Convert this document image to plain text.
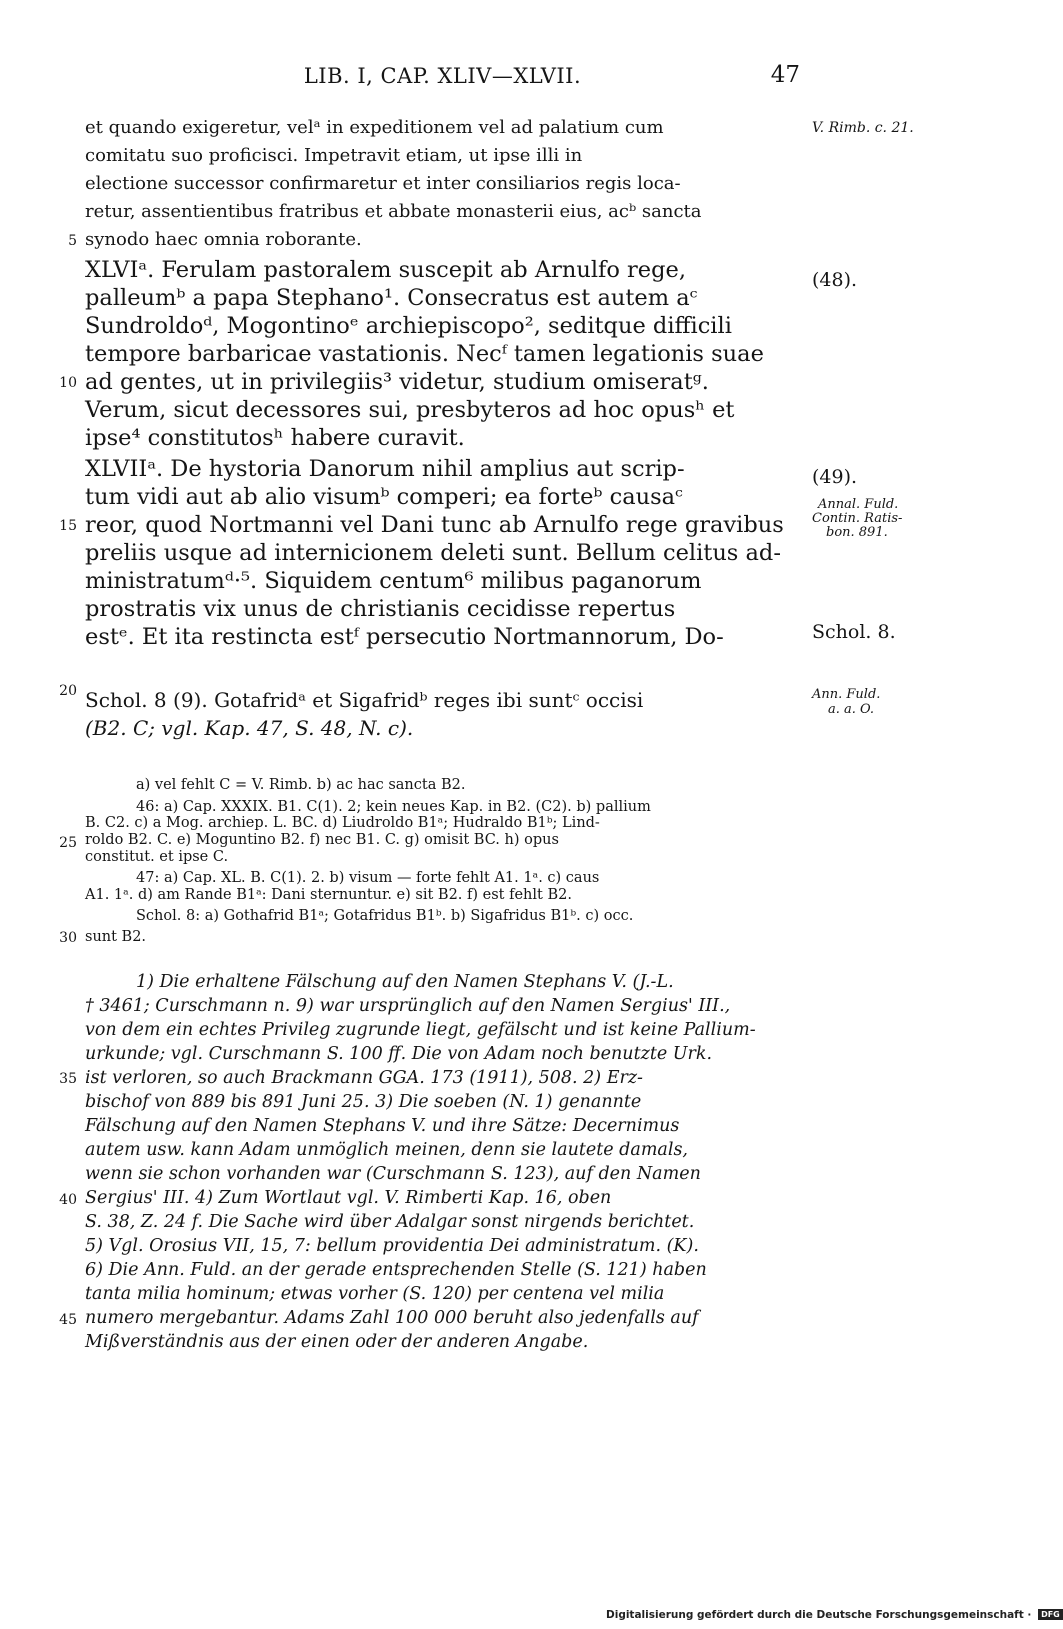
LIB. I, CAP. XLIV—XLVII.	47
et quando exigeretur, velᵃ in expeditionem vel ad palatium cum
comitatu suo proficisci. Impetravit etiam, ut ipse illi in
electione successor confirmaretur et inter consiliarios regis loca-
retur, assentientibus fratribus et abbate monasterii eius, acᵇ sancta
synodo haec omnia roborante.
XLVIᵃ. Ferulam pastoralem suscepit ab Arnulfo rege,
palleumᵇ a papa Stephano¹. Consecratus est autem aᶜ
Sundroldoᵈ, Mogontinoᵉ archiepiscopo², seditque difficili
tempore barbaricae vastationis. Necᶠ tamen legationis suae
ad gentes, ut in privilegiis³ videtur, studium omiseratᵍ.
Verum, sicut decessores sui, presbyteros ad hoc opusʰ et
ipse⁴ constitutosʰ habere curavit.
XLVIIᵃ. De hystoria Danorum nihil amplius aut scrip-
tum vidi aut ab alio visumᵇ comperi; ea forteᵇ causaᶜ
reor, quod Nortmanni vel Dani tunc ab Arnulfo rege gravibus
preliis usque ad internicionem deleti sunt. Bellum celitus ad-
ministratumᵈ·⁵. Siquidem centum⁶ milibus paganorum
prostratis vix unus de christianis cecidisse repertus
estᵉ. Et ita restincta estᶠ persecutio Nortmannorum, Do-
Schol. 8 (9). Gotafridᵃ et Sigafridᵇ reges ibi suntᶜ occisi
(B2. C; vgl. Kap. 47, S. 48, N. c).
a) vel fehlt C = V. Rimb. b) ac hac sancta B2.
46: a) Cap. XXXIX. B1. C(1). 2; kein neues Kap. in B2. (C2). b) pallium
B. C2. c) a Mog. archiep. L. BC. d) Liudroldo B1ᵃ; Hudraldo B1ᵇ; Lind-
roldo B2. C. e) Moguntino B2. f) nec B1. C. g) omisit BC. h) opus
constitut. et ipse C.
47: a) Cap. XL. B. C(1). 2. b) visum — forte fehlt A1. 1ᵃ. c) caus
A1. 1ᵃ. d) am Rande B1ᵃ: Dani sternuntur. e) sit B2. f) est fehlt B2.
Schol. 8: a) Gothafrid B1ᵃ; Gotafridus B1ᵇ. b) Sigafridus B1ᵇ. c) occ.
sunt B2.
1) Die erhaltene Fälschung auf den Namen Stephans V. (J.-L.
† 3461; Curschmann n. 9) war ursprünglich auf den Namen Sergius' III.,
von dem ein echtes Privileg zugrunde liegt, gefälscht und ist keine Pallium-
urkunde; vgl. Curschmann S. 100 ff. Die von Adam noch benutzte Urk.
ist verloren, so auch Brackmann GGA. 173 (1911), 508. 2) Erz-
bischof von 889 bis 891 Juni 25. 3) Die soeben (N. 1) genannte
Fälschung auf den Namen Stephans V. und ihre Sätze: Decernimus
autem usw. kann Adam unmöglich meinen, denn sie lautete damals,
wenn sie schon vorhanden war (Curschmann S. 123), auf den Namen
Sergius' III. 4) Zum Wortlaut vgl. V. Rimberti Kap. 16, oben
S. 38, Z. 24 f. Die Sache wird über Adalgar sonst nirgends berichtet.
5) Vgl. Orosius VII, 15, 7: bellum providentia Dei administratum. (K).
6) Die Ann. Fuld. an der gerade entsprechenden Stelle (S. 121) haben
tanta milia hominum; etwas vorher (S. 120) per centena vel milia
numero mergebantur. Adams Zahl 100 000 beruht also jedenfalls auf
Mißverständnis aus der einen oder der anderen Angabe.
5
10
15
20
25
30
35
40
45
V. Rimb. c. 21.
(48).
(49).
Annal. Fuld.
Contin. Ratis-
bon. 891.
Schol. 8.
Ann. Fuld.
a. a. O.
Digitalisierung gefördert durch die Deutsche Forschungsgemeinschaft · DFG
